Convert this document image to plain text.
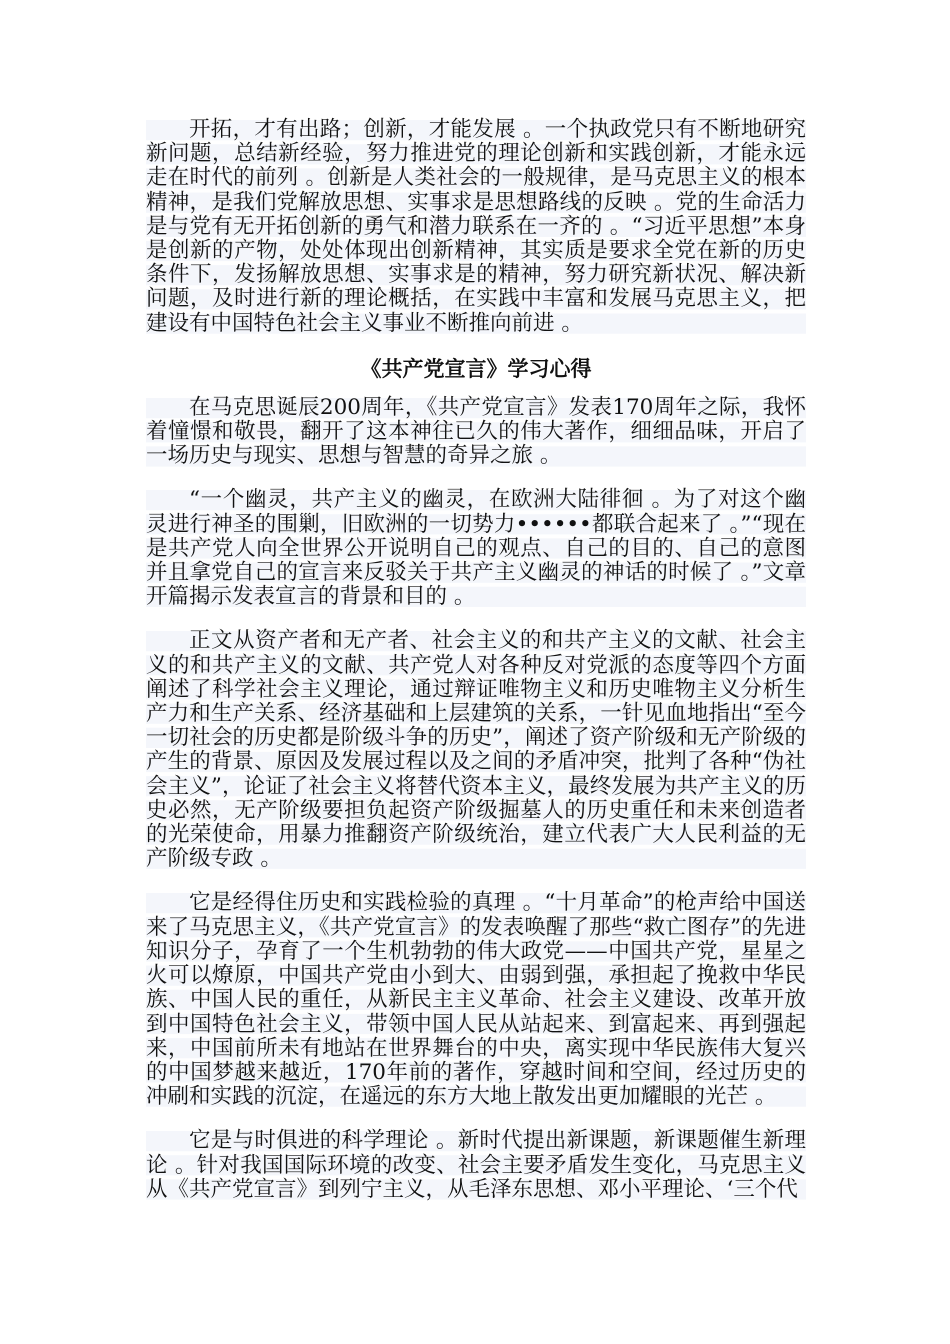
开拓，才有出路；创新，才能发展 。一个执政党只有不断地研究新问题，总结新经验，努力推进党的理论创新和实践创新，才能永远走在时代的前列 。创新是人类社会的一般规律，是马克思主义的根本精神，是我们党解放思想、实事求是思想路线的反映 。党的生命活力是与党有无开拓创新的勇气和潜力联系在一齐的 。“习近平思想”本身是创新的产物，处处体现出创新精神，其实质是要求全党在新的历史条件下，发扬解放思想、实事求是的精神，努力研究新状况、解决新问题，及时进行新的理论概括，在实践中丰富和发展马克思主义，把建设有中国特色社会主义事业不断推向前进 。

《共产党宣言》学习心得

在马克思诞辰200周年，《共产党宣言》发表170周年之际，我怀着憧憬和敬畏，翻开了这本神往已久的伟大著作，细细品味，开启了一场历史与现实、思想与智慧的奇异之旅 。

“一个幽灵，共产主义的幽灵，在欧洲大陆徘徊 。为了对这个幽灵进行神圣的围剿，旧欧洲的一切势力••••••都联合起来了 。”“现在是共产党人向全世界公开说明自己的观点、自己的目的、自己的意图并且拿党自己的宣言来反驳关于共产主义幽灵的神话的时候了 。”文章开篇揭示发表宣言的背景和目的 。

正文从资产者和无产者、社会主义的和共产主义的文献、社会主义的和共产主义的文献、共产党人对各种反对党派的态度等四个方面阐述了科学社会主义理论，通过辩证唯物主义和历史唯物主义分析生产力和生产关系、经济基础和上层建筑的关系，一针见血地指出“至今一切社会的历史都是阶级斗争的历史”，阐述了资产阶级和无产阶级的产生的背景、原因及发展过程以及之间的矛盾冲突，批判了各种“伪社会主义”，论证了社会主义将替代资本主义，最终发展为共产主义的历史必然，无产阶级要担负起资产阶级掘墓人的历史重任和未来创造者的光荣使命，用暴力推翻资产阶级统治，建立代表广大人民利益的无产阶级专政 。

它是经得住历史和实践检验的真理 。“十月革命”的枪声给中国送来了马克思主义，《共产党宣言》的发表唤醒了那些“救亡图存”的先进知识分子，孕育了一个生机勃勃的伟大政党——中国共产党，星星之火可以燎原，中国共产党由小到大、由弱到强，承担起了挽救中华民族、中国人民的重任，从新民主主义革命、社会主义建设、改革开放到中国特色社会主义，带领中国人民从站起来、到富起来、再到强起来，中国前所未有地站在世界舞台的中央，离实现中华民族伟大复兴的中国梦越来越近，170年前的著作，穿越时间和空间，经过历史的冲刷和实践的沉淀，在遥远的东方大地上散发出更加耀眼的光芒 。

它是与时俱进的科学理论 。新时代提出新课题，新课题催生新理论 。针对我国国际环境的改变、社会主要矛盾发生变化，马克思主义从《共产党宣言》到列宁主义，从毛泽东思想、邓小平理论、‘三个代
